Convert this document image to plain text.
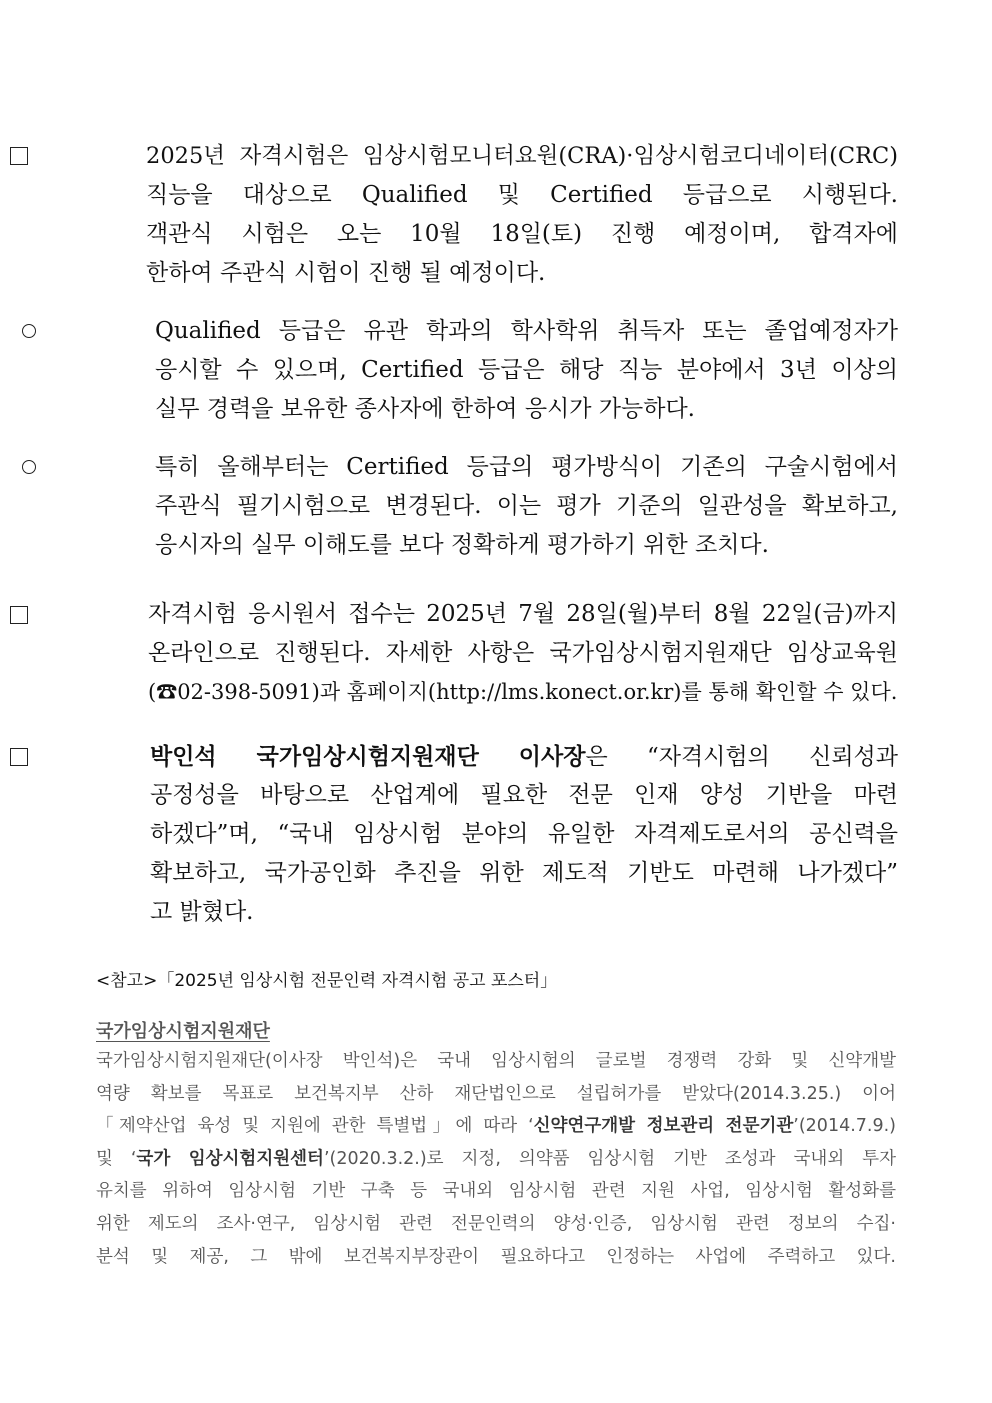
2025년 자격시험은 임상시험모니터요원(CRA)·임상시험코디네이터(CRC)
직능을 대상으로 Qualified 및 Certified 등급으로 시행된다.
객관식 시험은 오는 10월 18일(토) 진행 예정이며, 합격자에
한하여 주관식 시험이 진행 될 예정이다.
Qualified 등급은 유관 학과의 학사학위 취득자 또는 졸업예정자가
응시할 수 있으며, Certified 등급은 해당 직능 분야에서 3년 이상의
실무 경력을 보유한 종사자에 한하여 응시가 가능하다.
특히 올해부터는 Certified 등급의 평가방식이 기존의 구술시험에서
주관식 필기시험으로 변경된다. 이는 평가 기준의 일관성을 확보하고,
응시자의 실무 이해도를 보다 정확하게 평가하기 위한 조치다.
자격시험 응시원서 접수는 2025년 7월 28일(월)부터 8월 22일(금)까지
온라인으로 진행된다. 자세한 사항은 국가임상시험지원재단 임상교육원
(☎02-398-5091)과 홈페이지(http://lms.konect.or.kr)를 통해 확인할 수 있다.
박인석 국가임상시험지원재단 이사장은 “자격시험의 신뢰성과
공정성을 바탕으로 산업계에 필요한 전문 인재 양성 기반을 마련
하겠다”며, “국내 임상시험 분야의 유일한 자격제도로서의 공신력을
확보하고, 국가공인화 추진을 위한 제도적 기반도 마련해 나가겠다”
고 밝혔다.
<참고>「2025년 임상시험 전문인력 자격시험 공고 포스터」
국가임상시험지원재단
국가임상시험지원재단(이사장 박인석)은 국내 임상시험의 글로벌 경쟁력 강화 및 신약개발
역량 확보를 목표로 보건복지부 산하 재단법인으로 설립허가를 받았다(2014.3.25.) 이어
「제약산업 육성 및 지원에 관한 특별법」에 따라 ‘신약연구개발 정보관리 전문기관’(2014.7.9.)
및 ‘국가 임상시험지원센터’(2020.3.2.)로 지정, 의약품 임상시험 기반 조성과 국내외 투자
유치를 위하여 임상시험 기반 구축 등 국내외 임상시험 관련 지원 사업, 임상시험 활성화를
위한 제도의 조사·연구, 임상시험 관련 전문인력의 양성·인증, 임상시험 관련 정보의 수집·
분석 및 제공, 그 밖에 보건복지부장관이 필요하다고 인정하는 사업에 주력하고 있다.
